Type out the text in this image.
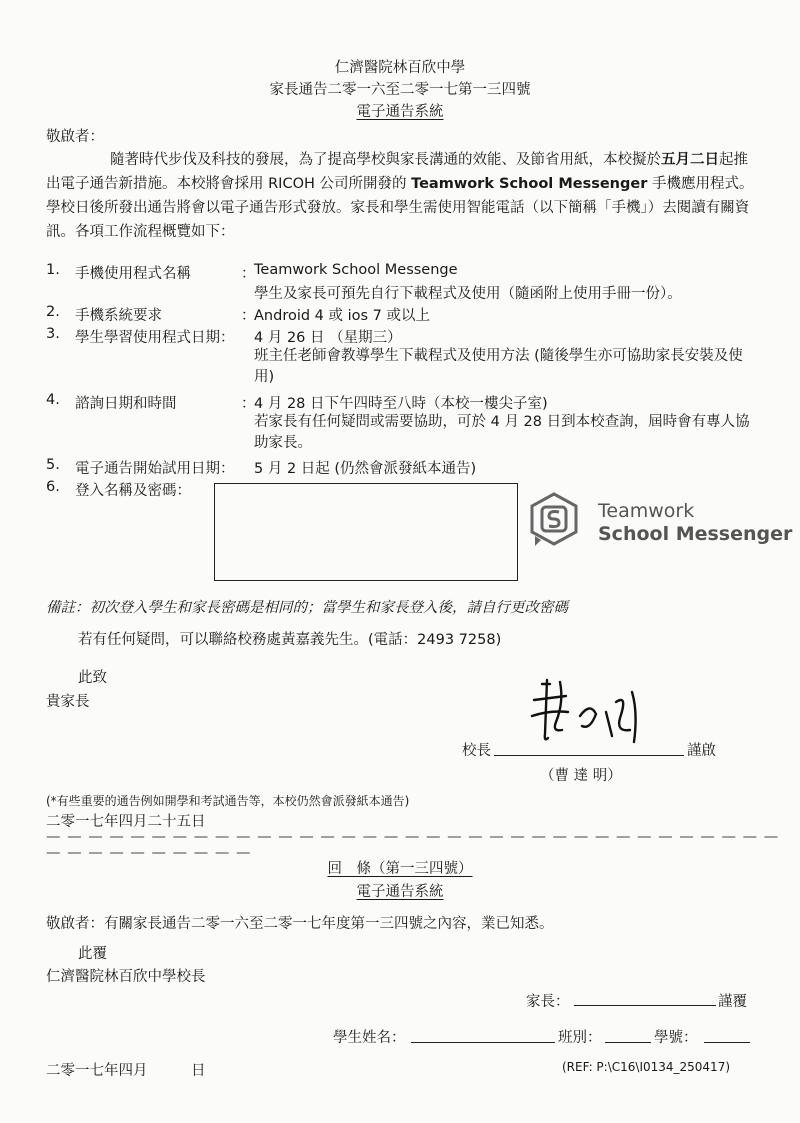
仁濟醫院林百欣中學
家長通告二零一六至二零一七第一三四號
電子通告系統
敬啟者：
隨著時代步伐及科技的發展，為了提高學校與家長溝通的效能、及節省用紙，本校擬於五月二日起推出電子通告新措施。本校將會採用 RICOH 公司所開發的 Teamwork School Messenger 手機應用程式。學校日後所發出通告將會以電子通告形式發放。家長和學生需使用智能電話（以下簡稱「手機」）去閱讀有關資訊。各項工作流程概覽如下：
1. 手機使用程式名稱	：
Teamwork School Messenge
學生及家長可預先自行下載程式及使用（隨函附上使用手冊一份）。
2. 手機系統要求	：
Android 4 或 ios 7 或以上
3. 學生學習使用程式日期： 4 月 26 日 （星期三）
班主任老師會教導學生下載程式及使用方法 (隨後學生亦可協助家長安裝及使用)
4. 諮詢日期和時間	：
4 月 28 日下午四時至八時（本校一樓尖子室)
若家長有任何疑問或需要協助，可於 4 月 28 日到本校查詢，屆時會有專人協助家長。
5. 電子通告開始試用日期： 5 月 2 日起 (仍然會派發紙本通告)
6. 登入名稱及密碼：
Teamwork
School Messenger
備註：初次登入學生和家長密碼是相同的；當學生和家長登入後，請自行更改密碼
若有任何疑問，可以聯絡校務處黃嘉義先生。(電話：2493 7258)
此致
貴家長
校長	謹啟
（曹 達 明）
(*有些重要的通告例如開學和考試通告等，本校仍然會派發紙本通告)
二零一七年四月二十五日
— — — — — — — — — — — — — — — — — — — — — — — — — — — — — — — — — — — — — — — — — — — — —
回　條（第一三四號）
電子通告系統
敬啟者：有關家長通告二零一六至二零一七年度第一三四號之內容，業已知悉。
此覆
仁濟醫院林百欣中學校長
家長：	謹覆
學生姓名：	班別：	學號：
二零一七年四月　　　日	(REF: P:\C16\I0134_250417)
